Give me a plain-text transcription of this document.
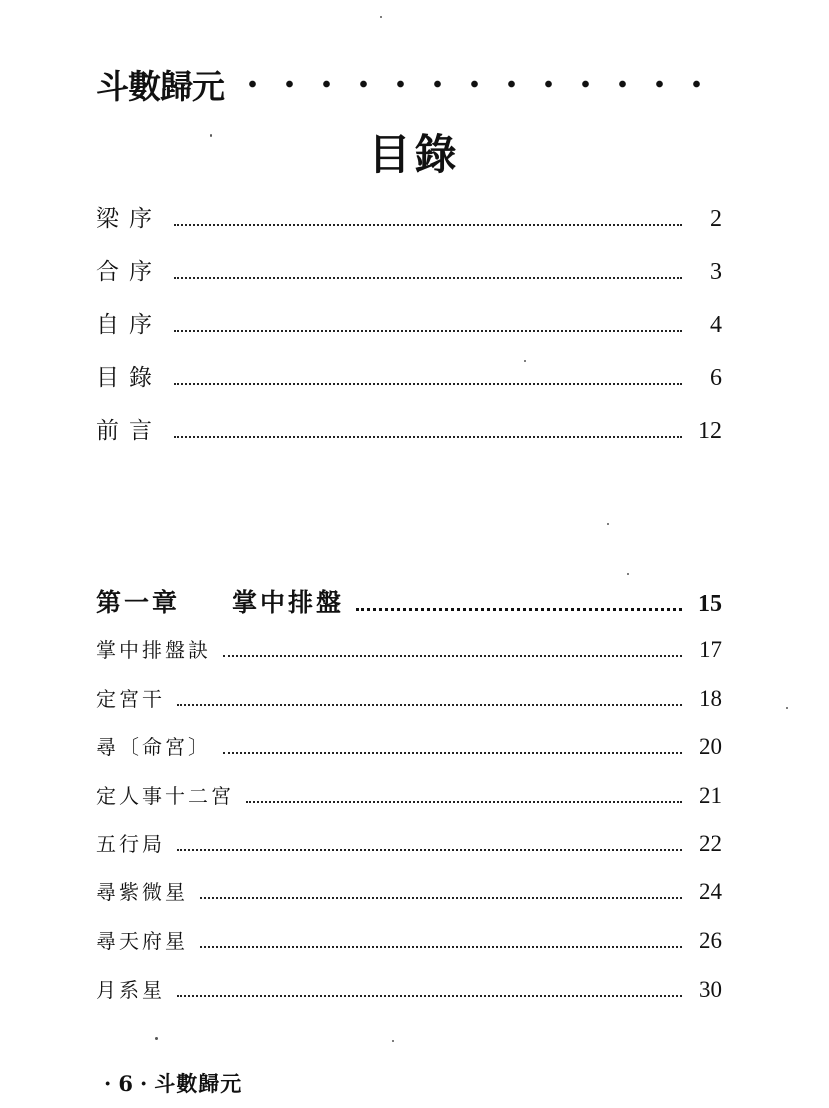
斗數歸元
目錄
梁序	2
合序	3
自序	4
目錄	6
前言	12
第一章 掌中排盤	15
掌中排盤訣	17
定宮干	18
尋〔命宮〕	20
定人事十二宮	21
五行局	22
尋紫微星	24
尋天府星	26
月系星	30
· 6 · 斗數歸元
